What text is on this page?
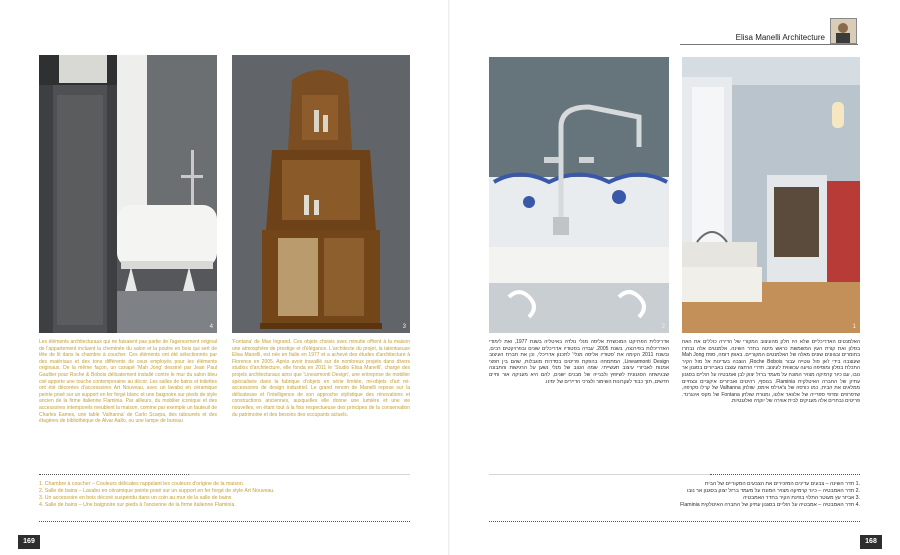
4	3
Les éléments architecturaux qui ne faisaient pas partie de l'agencement original de l'appartement incluent la cheminée du salon et la poutre en bois qui sert de tête de lit dans la chambre à coucher. Ces éléments ont été sélectionnés par des matériaux et des tons différents de ceux employés pour les éléments originaux. De la même façon, un canapé 'Mah Jong' dessiné par Jean Paul Gaultier pour Roche & Bobois délicatement installé contre le mur du salon bleu ciel apporte une touche contemporaine au décor. Les salles de bains et toilettes ont été décorées d'accessoires Art Nouveau, avec un lavabo en céramique peinte posé sur un support en fer forgé blanc et une baignoire sur pieds de style ancien de la firme italienne Flaminia. Par ailleurs, du mobilier iconique et des accessoires intemporels meublent la maison, comme par exemple un fauteuil de Charles Eames, une table 'Valhanna' de Carlo Scarpa, des tabourets et des étagères de bibliothèque de Alvar Aalto, ou une lampe de bureau
'Fontana' de Max Ingrand. Ces objets choisis avec minutie offrent à la maison une atmosphère de prestige et d'élégance. L'architecte du projet, la talentueuse Elisa Manelli, est née en Italie en 1977 et a achevé des études d'architecture à Florence en 2005. Après avoir travaillé sur de nombreux projets dans divers studios d'architecture, elle fonda en 2011 le 'Studio Elisa Manelli', chargé des projets architecturaux ainsi que 'Linearmonti Design', une entreprise de mobilier spécialisée dans la fabrique d'objets en série limitée, mi-objets d'art mi-accessoires de design industriel. Le grand renom de Manelli repose sur la délicatesse et l'intelligence de son approche stylistique des rénovations et constructions anciennes, auxquelles elle donne une lumière et une vie nouvelles, en étant tout à la fois respectueuse des principes de la conservation du patrimoine et des besoins des occupants actuels.
1. Chambre à coucher – Couleurs délicates rappelant les couleurs d'origine de la maison.
2. Salle de bains – Lavabo en céramique peinte posé sur un support en fer forgé de style Art Nouveau.
3. Un accessoire en bois décoré suspendu dans un coin au mur de la salle de bains
4. Salle de bains – Une baignoire sur pieds à l'ancienne de la firme italienne Flaminia.
169
2	1
אדריכלית הפרויקט המוכשרת אליסה מנלי נולדה באיטליה בשנת 1977, ואת לימודי האדריכלות בפירנצה, בשנת 2005. עבדה בסטודיו אדריכלים שונים ובפרויקטים רבים, ובשנת 2011 הקימה את 'סטודיו אליסה מנלי' לתכנון אדריכלי, וכן את חברת העיצוב Linearmonti Design, המתמחה בהפקת פריטים בסדרות מוגבלות, שהם בין חפצי אמנות לאביזרי עיצוב תעשייתי. שמה הטוב של מנלי נשען על הרגישות והתבונה שבגישתה הסגנונית לשיפוץ ולבנייה של מבנים ישנים, להם היא מעניקה אור וחיים חדשים, תוך כבוד לעקרונות השימור ולצרכי הדיירים של ימינו.
האלמנטים האדריכליים שלא היו חלק מהעיצוב המקורי של הדירה כוללים את האח בסלון ואת קורת העץ המשמשת כראש מיטה בחדר השינה. אלמנטים אלה נבחרו בחומרים ובגוונים שונים מאלה של האלמנטים המקוריים. באופן דומה, ספת Mah Jong שעוצבה בידי ז'אן פול גוטייה עבור Roche Bobois, הוצבה בעדינות אל מול הקיר התכלת בסלון ומוסיפה נגיעה עכשווית לעיצוב. חדרי הרחצה עוצבו באביזרים בסגנון אר נובו, עם כיור קרמיקה מצויר המונח על מעמד ברזל יצוק לבן ואמבטיה על רגליים בסגנון עתיק של החברה האיטלקית Flaminia. בנוסף, רהיטים ואביזרים איקוניים ונצחיים ממלאים את הבית, כמו כורסה של צ'ארלס אימס, שולחן Valhanna של קרלו סקרפה, שרפרפים ומדפי ספרייה של אלוואר אלטו, ומנורת שולחן Fontana של מקס אינגרנד. פריטים נבחרים אלה מעניקים לבית אווירה של יוקרה ואלגנטיות.
.1 חדר השינה – צבעים עדינים המזכירים את הצבעים המקוריים של הבית
.2 חדר האמבטיה – כיור קרמיקה מצויר המונח על מעמד ברזל יצוק בסגנון אר נובו
.3 אביזר עץ מעוטר התלוי בפינת הקיר בחדר האמבטיה
.4 חדר האמבטיה – אמבטיה על רגליים בסגנון עתיק של החברה האיטלקית Flaminia
168
Elisa Manelli Architecture
